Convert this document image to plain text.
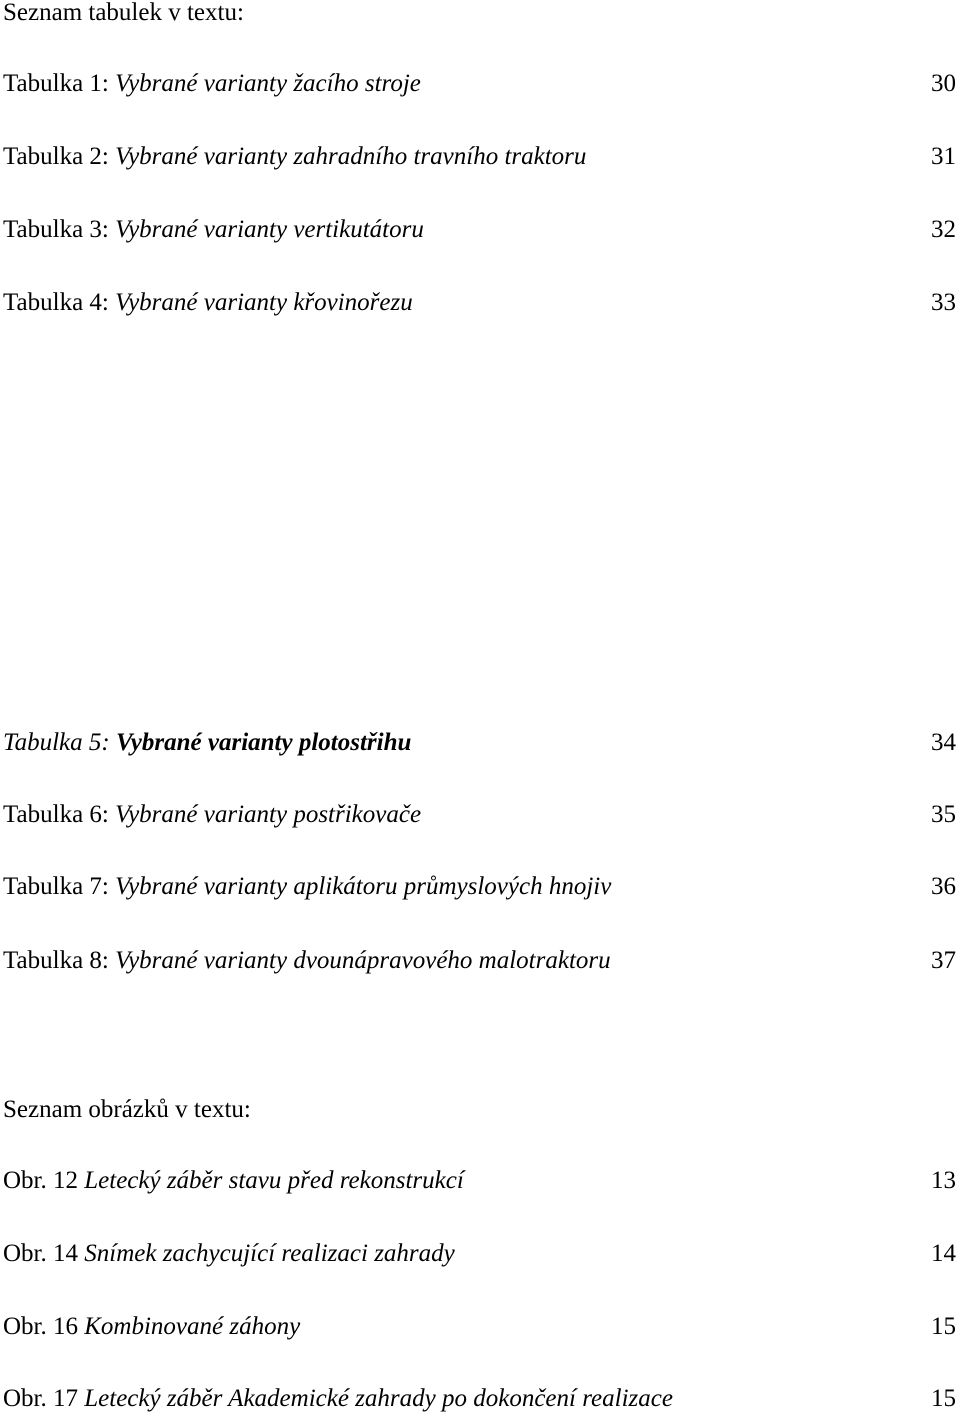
Seznam tabulek v textu:
Tabulka 1: Vybrané varianty žacího stroje	30
Tabulka 2: Vybrané varianty zahradního travního traktoru	31
Tabulka 3: Vybrané varianty vertikutátoru	32
Tabulka 4: Vybrané varianty křovinořezu	33
Tabulka 5: Vybrané varianty plotostřihu	34
Tabulka 6: Vybrané varianty postřikovače	35
Tabulka 7: Vybrané varianty aplikátoru průmyslových hnojiv	36
Tabulka 8: Vybrané varianty dvounápravového malotraktoru	37
Seznam obrázků v textu:
Obr. 12 Letecký záběr stavu před rekonstrukcí	13
Obr. 14 Snímek zachycující realizaci zahrady	14
Obr. 16 Kombinované záhony	15
Obr. 17 Letecký záběr Akademické zahrady po dokončení realizace	15
